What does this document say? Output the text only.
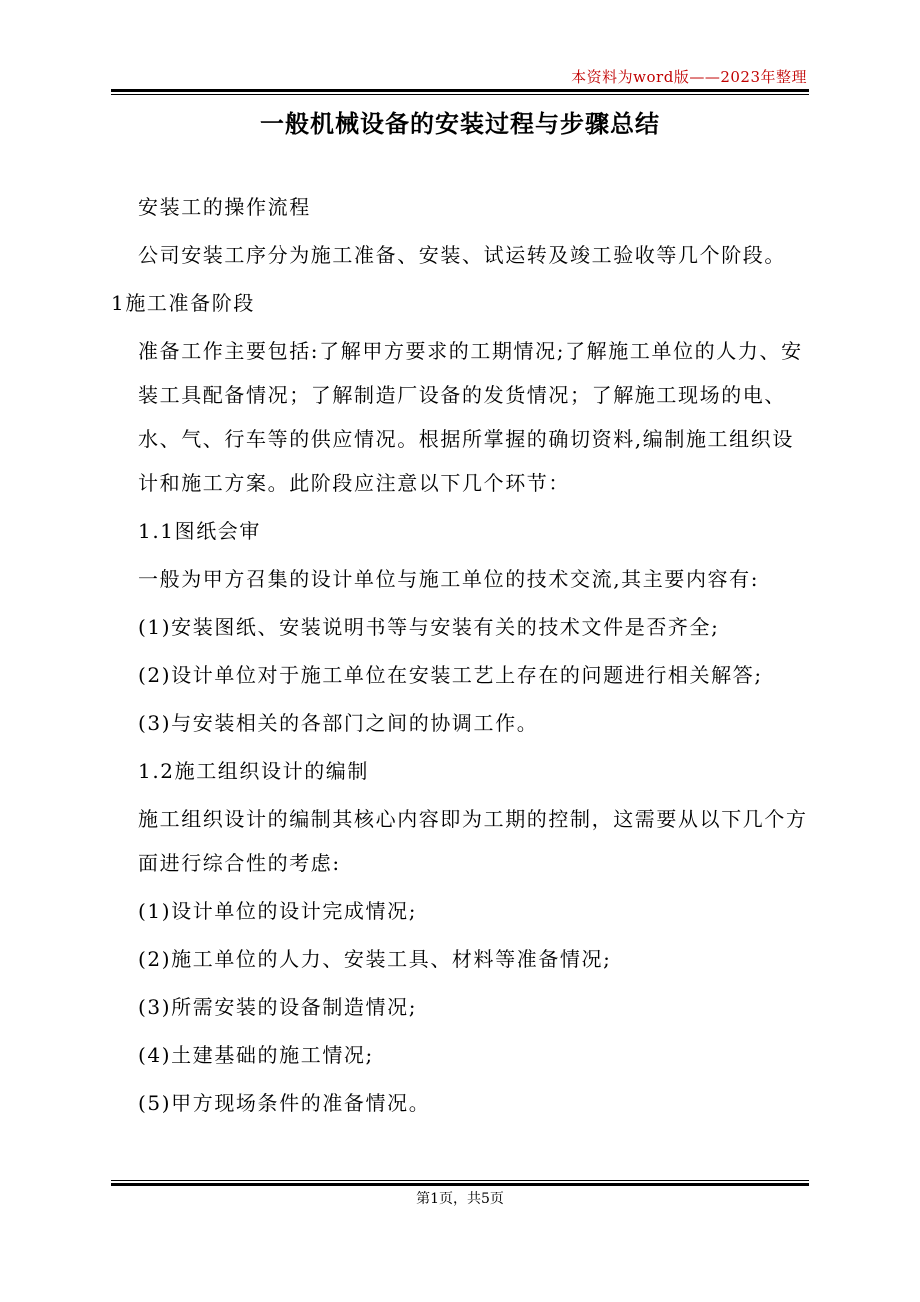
本资料为word版——2023年整理
一般机械设备的安装过程与步骤总结
安装工的操作流程
公司安装工序分为施工准备、安装、试运转及竣工验收等几个阶段。
1施工准备阶段
准备工作主要包括:了解甲方要求的工期情况;了解施工单位的人力、安装工具配备情况；了解制造厂设备的发货情况；了解施工现场的电、水、气、行车等的供应情况。根据所掌握的确切资料,编制施工组织设计和施工方案。此阶段应注意以下几个环节：
1.1图纸会审
一般为甲方召集的设计单位与施工单位的技术交流,其主要内容有:
(1)安装图纸、安装说明书等与安装有关的技术文件是否齐全;
(2)设计单位对于施工单位在安装工艺上存在的问题进行相关解答;
(3)与安装相关的各部门之间的协调工作。
1.2施工组织设计的编制
施工组织设计的编制其核心内容即为工期的控制，这需要从以下几个方面进行综合性的考虑:
(1)设计单位的设计完成情况;
(2)施工单位的人力、安装工具、材料等准备情况;
(3)所需安装的设备制造情况;
(4)土建基础的施工情况;
(5)甲方现场条件的准备情况。
第1页，共5页
